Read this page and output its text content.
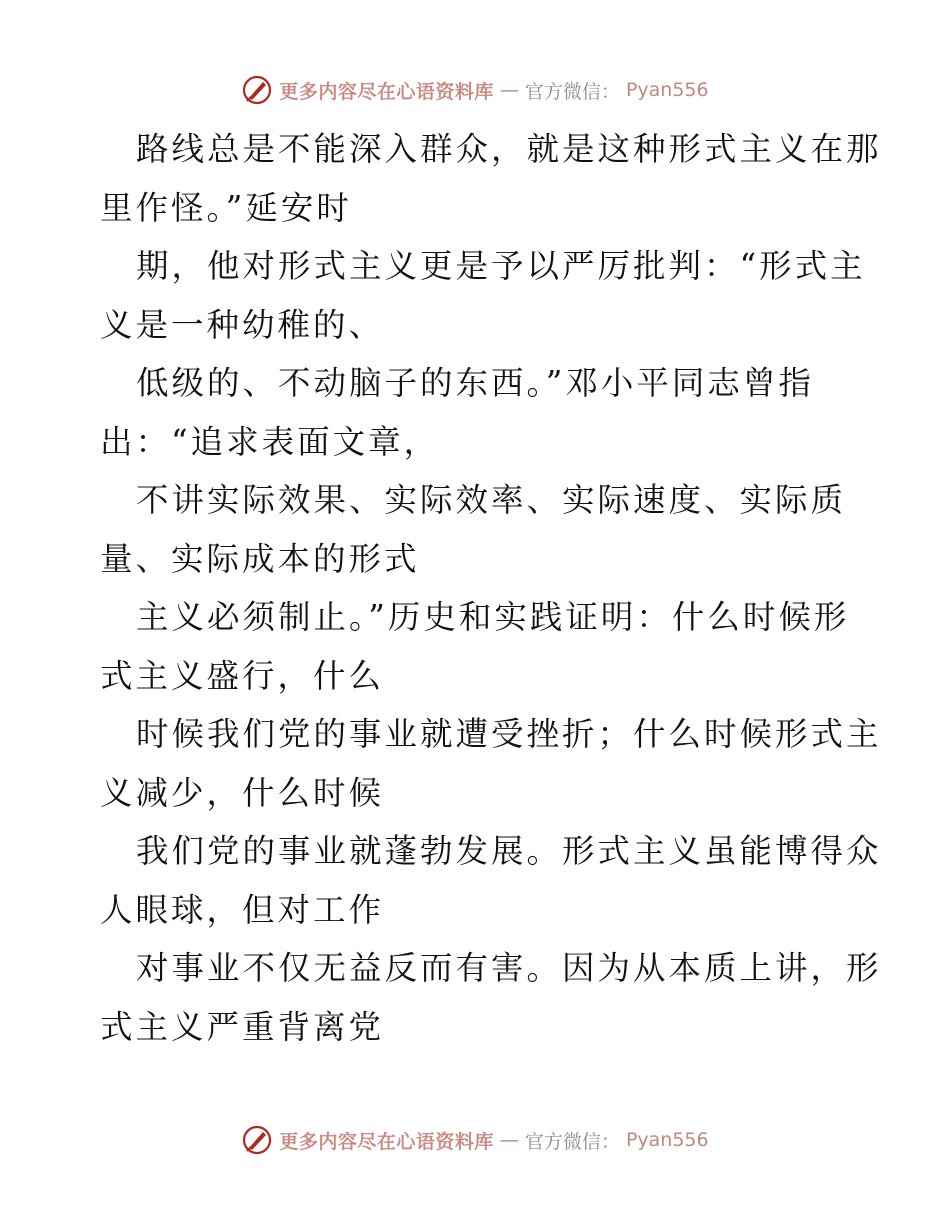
更多内容尽在心语资料库 — 官方微信： Pyan556
路线总是不能深入群众，就是这种形式主义在那
里作怪。”延安时
期，他对形式主义更是予以严厉批判：“形式主
义是一种幼稚的、
低级的、不动脑子的东西。”邓小平同志曾指
出：“追求表面文章，
不讲实际效果、实际效率、实际速度、实际质
量、实际成本的形式
主义必须制止。”历史和实践证明：什么时候形
式主义盛行，什么
时候我们党的事业就遭受挫折；什么时候形式主
义减少，什么时候
我们党的事业就蓬勃发展。形式主义虽能博得众
人眼球，但对工作
对事业不仅无益反而有害。因为从本质上讲，形
式主义严重背离党
更多内容尽在心语资料库 — 官方微信： Pyan556
